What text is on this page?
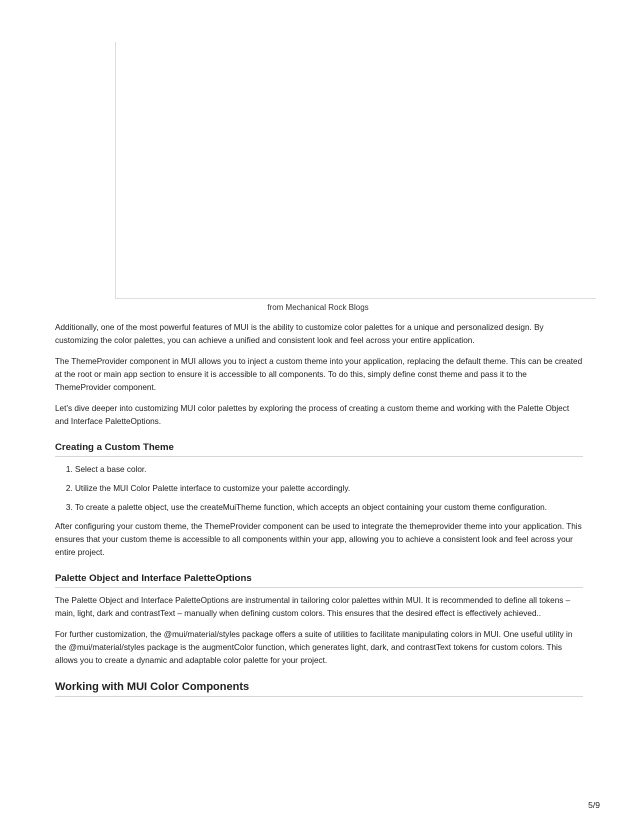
from Mechanical Rock Blogs

Additionally, one of the most powerful features of MUI is the ability to customize color palettes for a unique and personalized design. By customizing the color palettes, you can achieve a unified and consistent look and feel across your entire application.

The ThemeProvider component in MUI allows you to inject a custom theme into your application, replacing the default theme. This can be created at the root or main app section to ensure it is accessible to all components. To do this, simply define const theme and pass it to the ThemeProvider component.

Let’s dive deeper into customizing MUI color palettes by exploring the process of creating a custom theme and working with the Palette Object and Interface PaletteOptions.

Creating a Custom Theme
1. Select a base color.
2. Utilize the MUI Color Palette interface to customize your palette accordingly.
3. To create a palette object, use the createMuiTheme function, which accepts an object containing your custom theme configuration.

After configuring your custom theme, the ThemeProvider component can be used to integrate the themeprovider theme into your application. This ensures that your custom theme is accessible to all components within your app, allowing you to achieve a consistent look and feel across your entire project.

Palette Object and Interface PaletteOptions

The Palette Object and Interface PaletteOptions are instrumental in tailoring color palettes within MUI. It is recommended to define all tokens – main, light, dark and contrastText – manually when defining custom colors. This ensures that the desired effect is effectively achieved..

For further customization, the @mui/material/styles package offers a suite of utilities to facilitate manipulating colors in MUI. One useful utility in the @mui/material/styles package is the augmentColor function, which generates light, dark, and contrastText tokens for custom colors. This allows you to create a dynamic and adaptable color palette for your project.

Working with MUI Color Components
5/9
